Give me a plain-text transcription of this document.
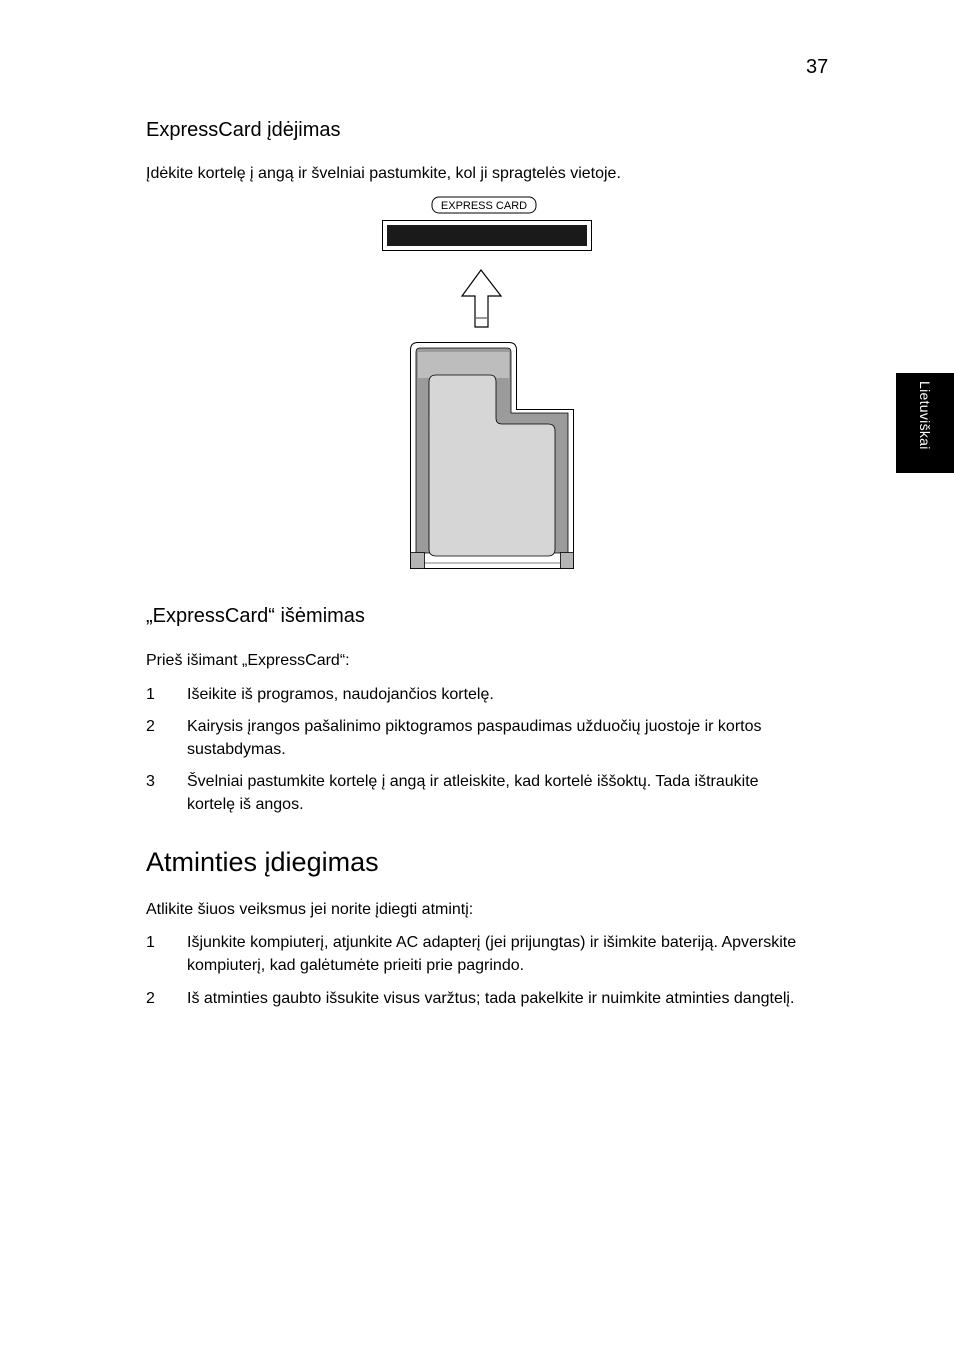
37
Lietuviškai
ExpressCard įdėjimas
Įdėkite kortelę į angą ir švelniai pastumkite, kol ji spragtelės vietoje.
EXPRESS CARD
„ExpressCard“ išėmimas
Prieš išimant „ExpressCard“:
1 Išeikite iš programos, naudojančios kortelę.
2 Kairysis įrangos pašalinimo piktogramos paspaudimas užduočių juostoje ir kortos sustabdymas.
3 Švelniai pastumkite kortelę į angą ir atleiskite, kad kortelė iššoktų. Tada ištraukite kortelę iš angos.
Atminties įdiegimas
Atlikite šiuos veiksmus jei norite įdiegti atmintį:
1 Išjunkite kompiuterį, atjunkite AC adapterį (jei prijungtas) ir išimkite bateriją. Apverskite kompiuterį, kad galėtumėte prieiti prie pagrindo.
2 Iš atminties gaubto išsukite visus varžtus; tada pakelkite ir nuimkite atminties dangtelį.
